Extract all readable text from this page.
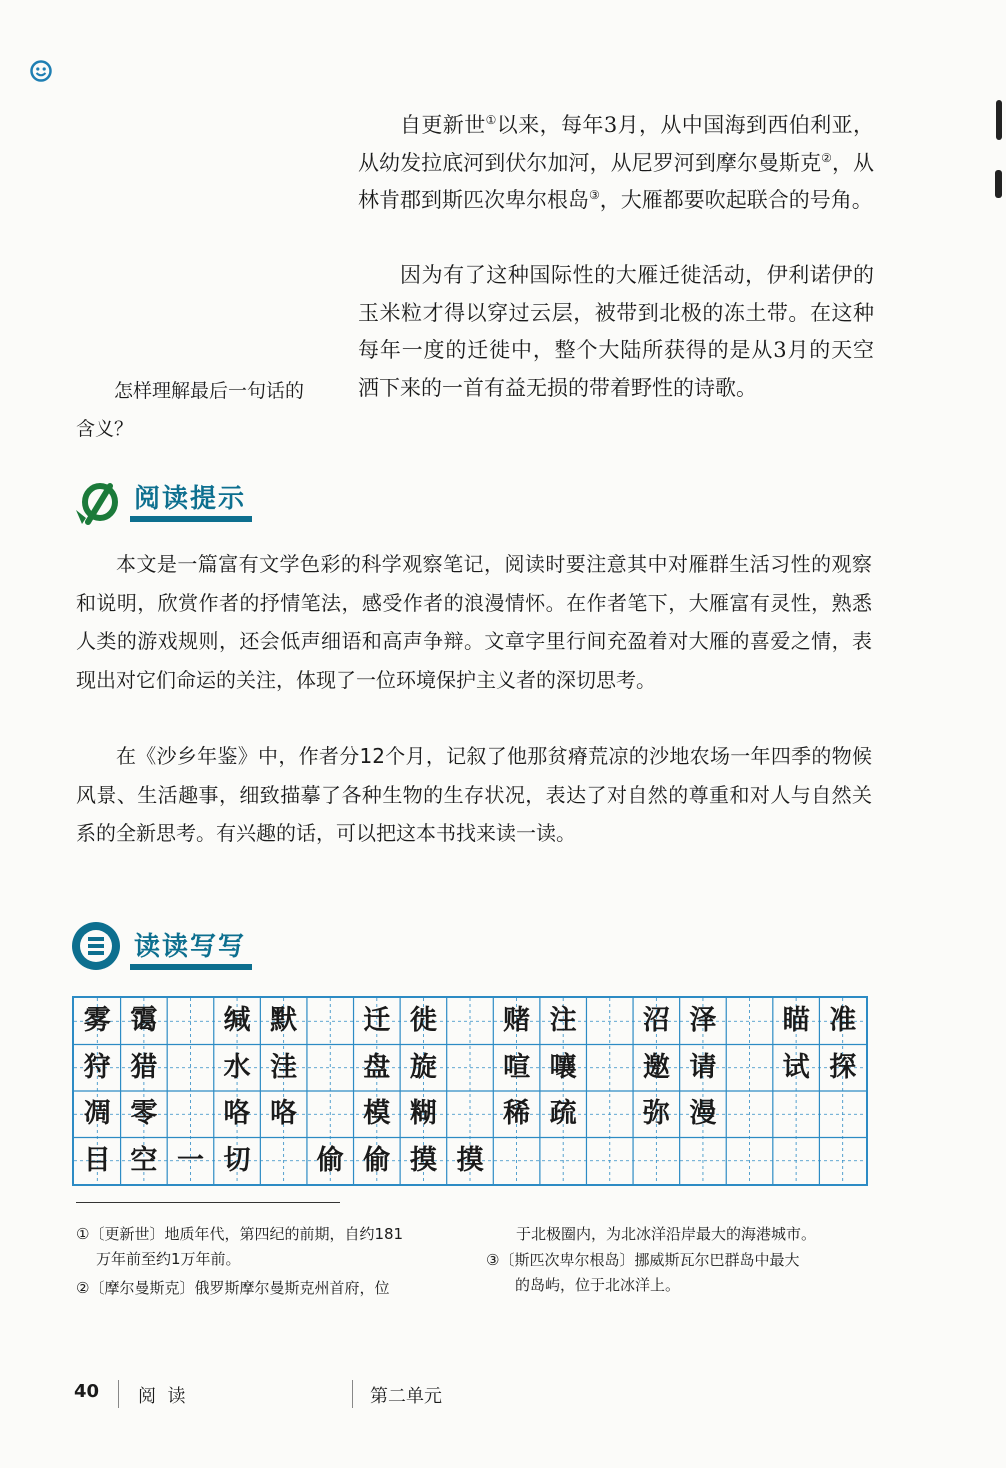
自更新世①以来，每年3月，从中国海到西伯利亚，从幼发拉底河到伏尔加河，从尼罗河到摩尔曼斯克②，从林肯郡到斯匹次卑尔根岛③，大雁都要吹起联合的号角。

因为有了这种国际性的大雁迁徙活动，伊利诺伊的玉米粒才得以穿过云层，被带到北极的冻土带。在这种每年一度的迁徙中，整个大陆所获得的是从3月的天空洒下来的一首有益无损的带着野性的诗歌。

怎样理解最后一句话的含义？

阅读提示

本文是一篇富有文学色彩的科学观察笔记，阅读时要注意其中对雁群生活习性的观察和说明，欣赏作者的抒情笔法，感受作者的浪漫情怀。在作者笔下，大雁富有灵性，熟悉人类的游戏规则，还会低声细语和高声争辩。文章字里行间充盈着对大雁的喜爱之情，表现出对它们命运的关注，体现了一位环境保护主义者的深切思考。

在《沙乡年鉴》中，作者分12个月，记叙了他那贫瘠荒凉的沙地农场一年四季的物候风景、生活趣事，细致描摹了各种生物的生存状况，表达了对自然的尊重和对人与自然关系的全新思考。有兴趣的话，可以把这本书找来读一读。

读读写写
雾 霭	缄 默	迁 徙	赌 注	沼 泽	瞄 准
狩 猎	水 洼	盘 旋	喧 嚷	邀 请	试 探
凋 零	咯 咯	模 糊	稀 疏	弥 漫
目 空 一 切	偷 偷 摸 摸

①〔更新世〕地质年代，第四纪的前期，自约181
万年前至约1万年前。

②〔摩尔曼斯克〕俄罗斯摩尔曼斯克州首府，位

于北极圈内，为北冰洋沿岸最大的海港城市。

③〔斯匹次卑尔根岛〕挪威斯瓦尔巴群岛中最大
的岛屿，位于北冰洋上。

40 阅  读	第二单元
